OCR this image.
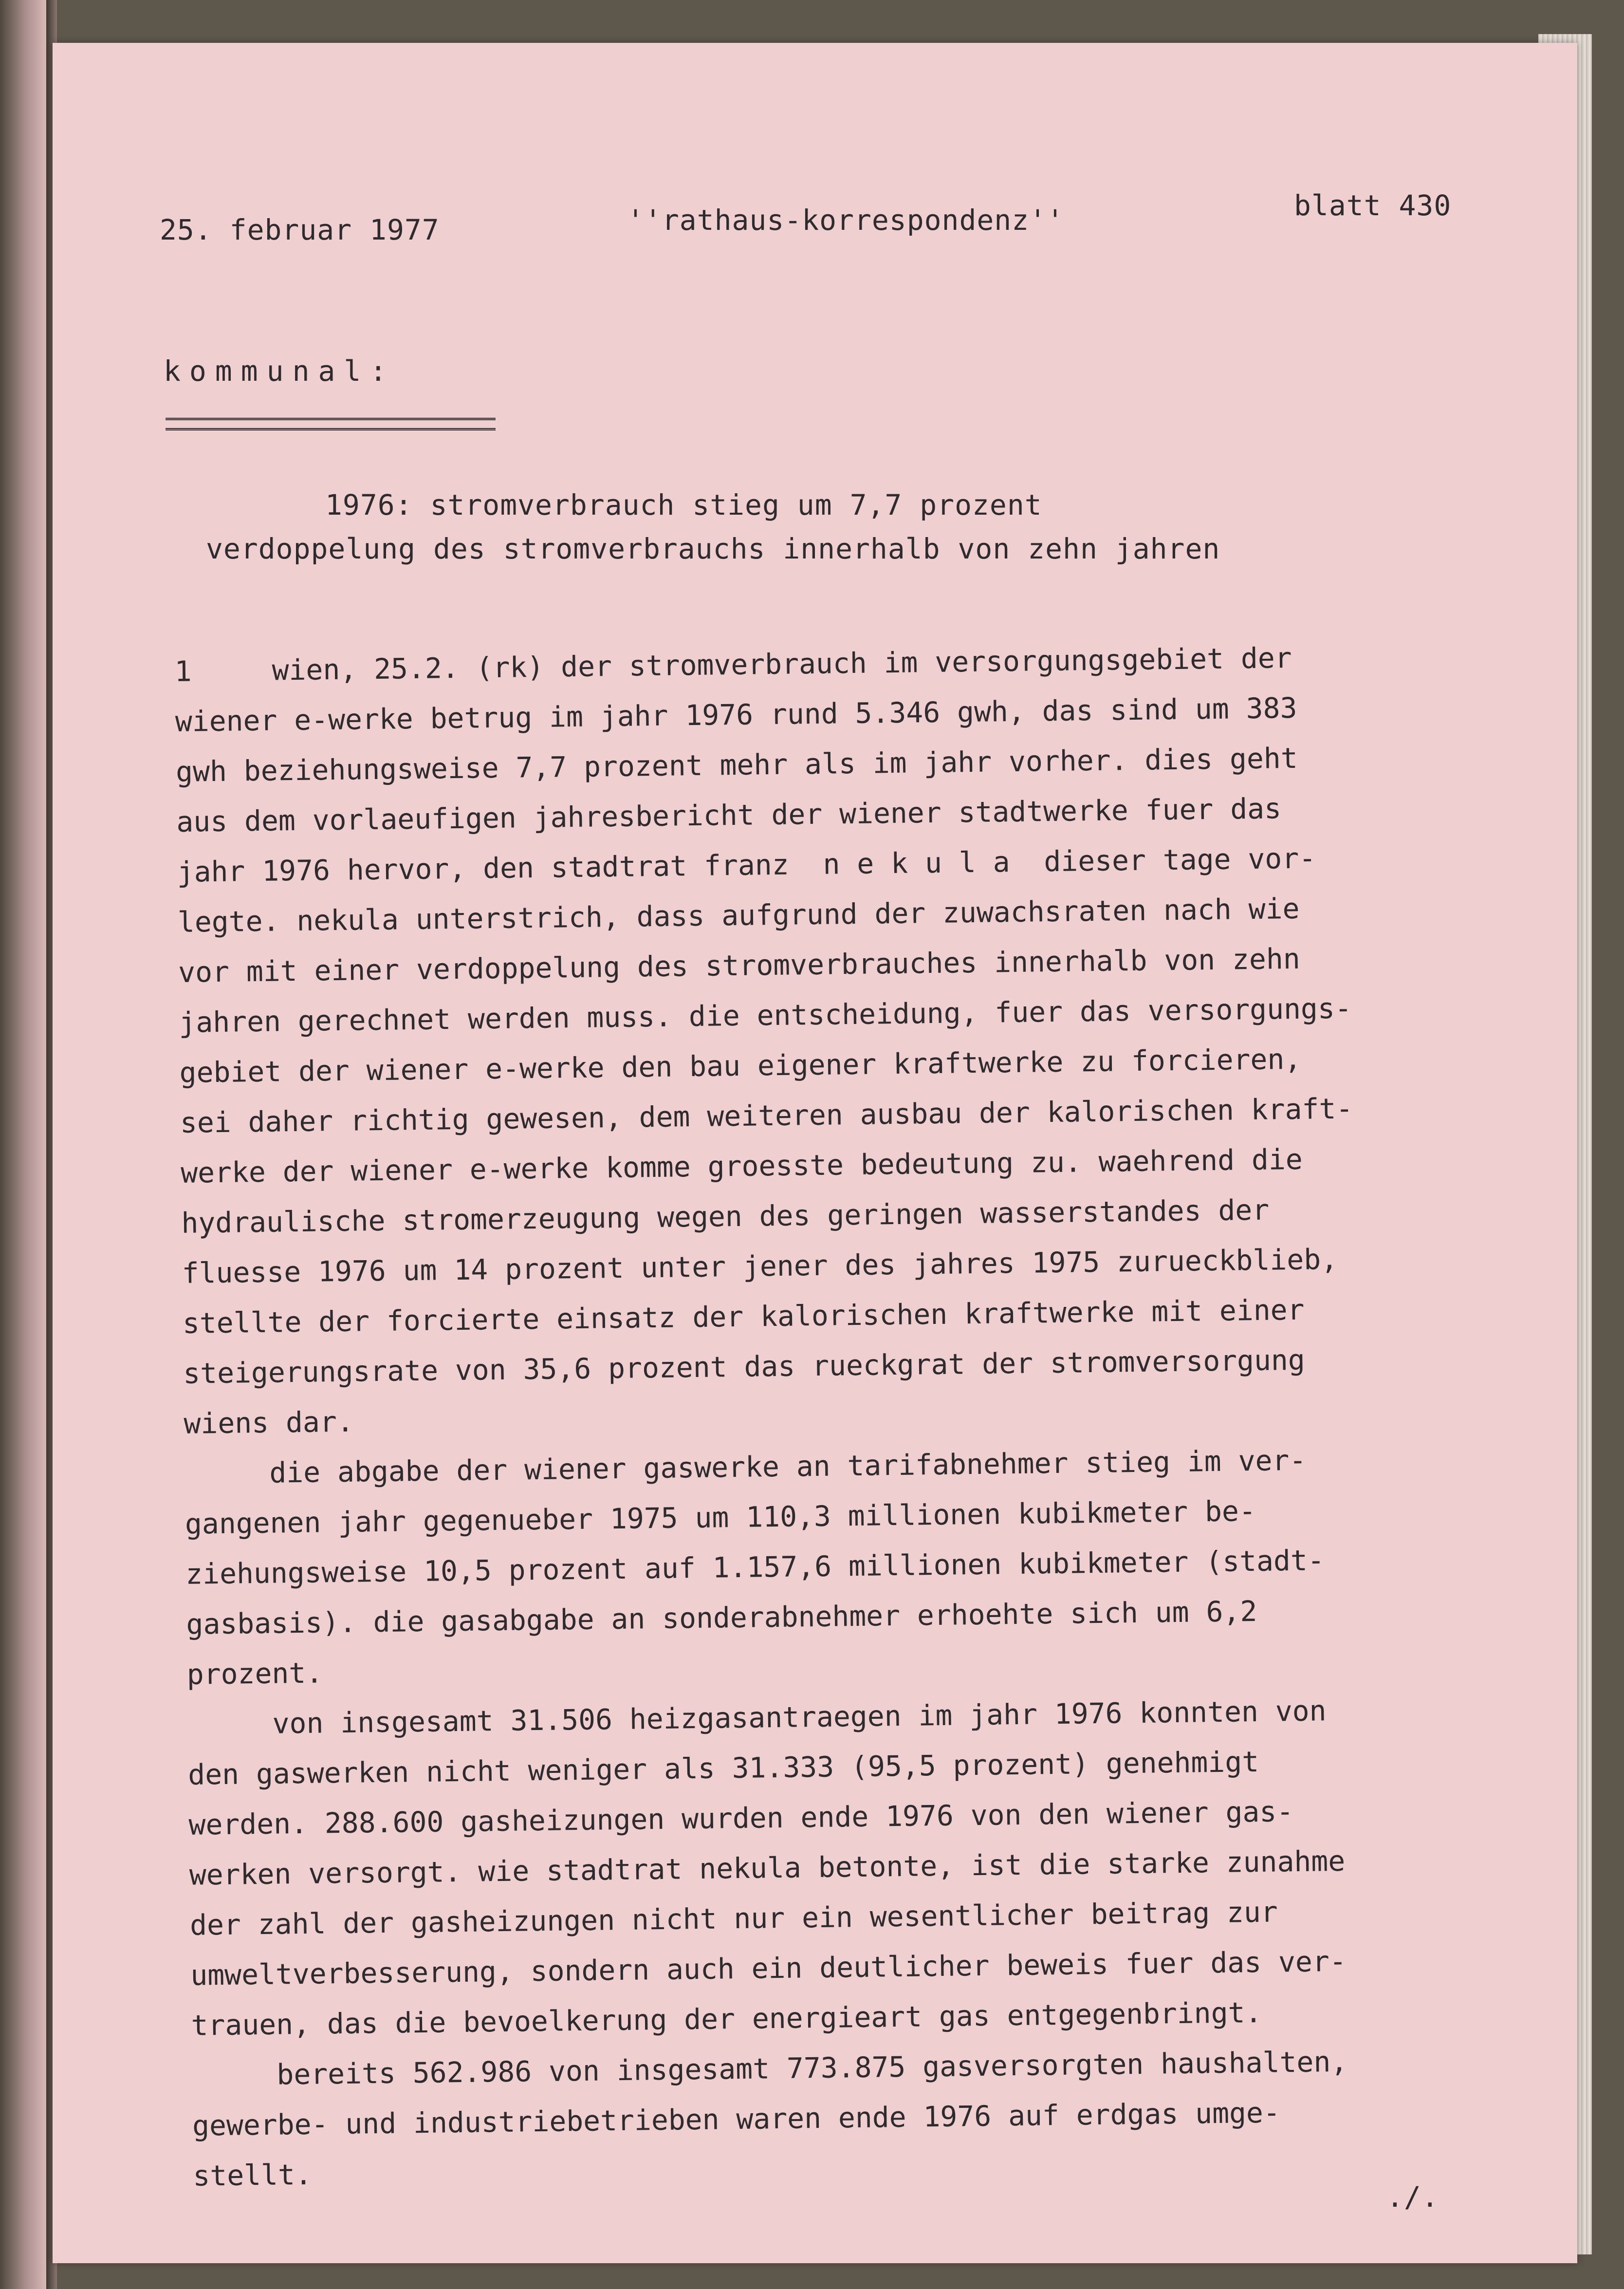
25. februar 1977	''rathaus-korrespondenz''	blatt 430
kommunal:
1976: stromverbrauch stieg um 7,7 prozent
verdoppelung des stromverbrauchs innerhalb von zehn jahren
1	wien, 25.2. (rk) der stromverbrauch im versorgungsgebiet der
wiener e-werke betrug im jahr 1976 rund 5.346 gwh, das sind um 383
gwh beziehungsweise 7,7 prozent mehr als im jahr vorher. dies geht
aus dem vorlaeufigen jahresbericht der wiener stadtwerke fuer das
jahr 1976 hervor, den stadtrat franz  n e k u l a  dieser tage vor-
legte. nekula unterstrich, dass aufgrund der zuwachsraten nach wie
vor mit einer verdoppelung des stromverbrauches innerhalb von zehn
jahren gerechnet werden muss. die entscheidung, fuer das versorgungs-
gebiet der wiener e-werke den bau eigener kraftwerke zu forcieren,
sei daher richtig gewesen, dem weiteren ausbau der kalorischen kraft-
werke der wiener e-werke komme groesste bedeutung zu. waehrend die
hydraulische stromerzeugung wegen des geringen wasserstandes der
fluesse 1976 um 14 prozent unter jener des jahres 1975 zurueckblieb,
stellte der forcierte einsatz der kalorischen kraftwerke mit einer
steigerungsrate von 35,6 prozent das rueckgrat der stromversorgung
wiens dar.
die abgabe der wiener gaswerke an tarifabnehmer stieg im ver-
gangenen jahr gegenueber 1975 um 110,3 millionen kubikmeter be-
ziehungsweise 10,5 prozent auf 1.157,6 millionen kubikmeter (stadt-
gasbasis). die gasabgabe an sonderabnehmer erhoehte sich um 6,2
prozent.
von insgesamt 31.506 heizgasantraegen im jahr 1976 konnten von
den gaswerken nicht weniger als 31.333 (95,5 prozent) genehmigt
werden. 288.600 gasheizungen wurden ende 1976 von den wiener gas-
werken versorgt. wie stadtrat nekula betonte, ist die starke zunahme
der zahl der gasheizungen nicht nur ein wesentlicher beitrag zur
umweltverbesserung, sondern auch ein deutlicher beweis fuer das ver-
trauen, das die bevoelkerung der energieart gas entgegenbringt.
bereits 562.986 von insgesamt 773.875 gasversorgten haushalten,
gewerbe- und industriebetrieben waren ende 1976 auf erdgas umge-
stellt.
./.
